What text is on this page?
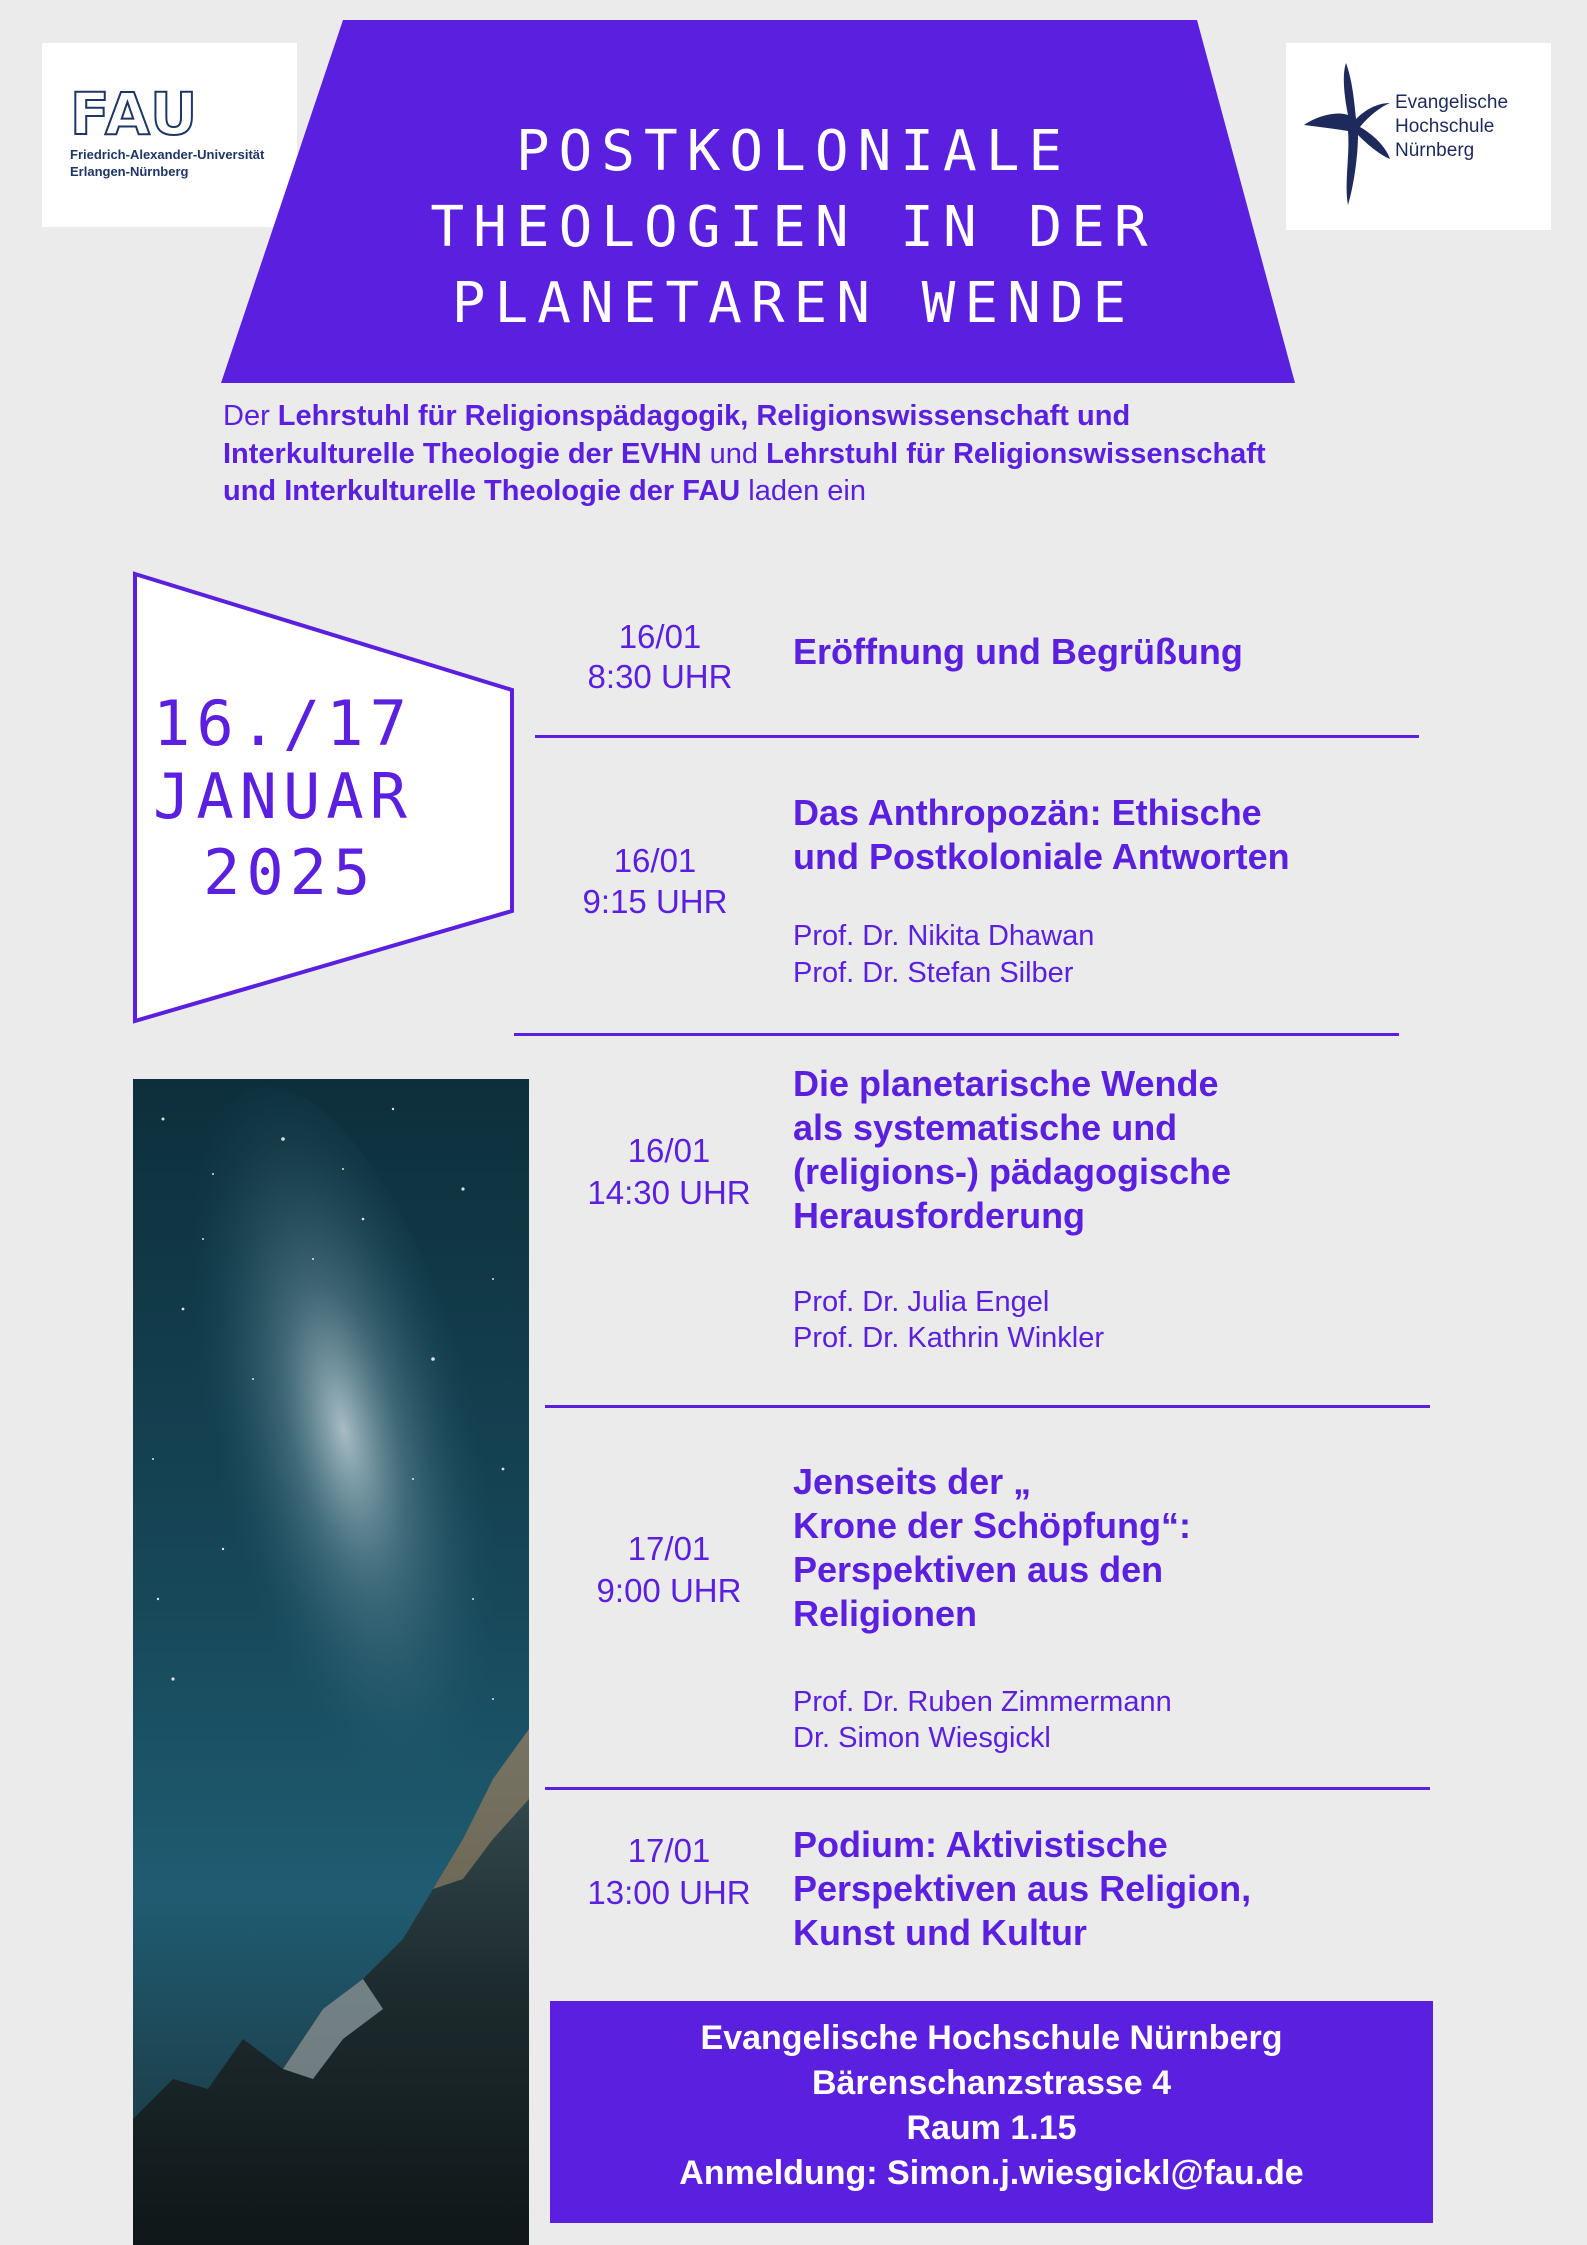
FAU
Friedrich-Alexander-Universität
Erlangen-Nürnberg
Evangelische
Hochschule
Nürnberg
POSTKOLONIALE
THEOLOGIEN IN DER
PLANETAREN WENDE
Der Lehrstuhl für Religionspädagogik, Religionswissenschaft und Interkulturelle Theologie der EVHN und Lehrstuhl für Religionswissenschaft und Interkulturelle Theologie der FAU laden ein
16./17
JANUAR
2025
16/01
8:30 UHR
Eröffnung und Begrüßung
16/01
9:15 UHR
Das Anthropozän: Ethische
und Postkoloniale Antworten
Prof. Dr. Nikita Dhawan
Prof. Dr. Stefan Silber
16/01
14:30 UHR
Die planetarische Wende
als systematische und
(religions-) pädagogische
Herausforderung
Prof. Dr. Julia Engel
Prof. Dr. Kathrin Winkler
17/01
9:00 UHR
Jenseits der „
Krone der Schöpfung“:
Perspektiven aus den
Religionen
Prof. Dr. Ruben Zimmermann
Dr. Simon Wiesgickl
17/01
13:00 UHR
Podium: Aktivistische
Perspektiven aus Religion,
Kunst und Kultur
Evangelische Hochschule Nürnberg
Bärenschanzstrasse 4
Raum 1.15
Anmeldung: Simon.j.wiesgickl@fau.de
